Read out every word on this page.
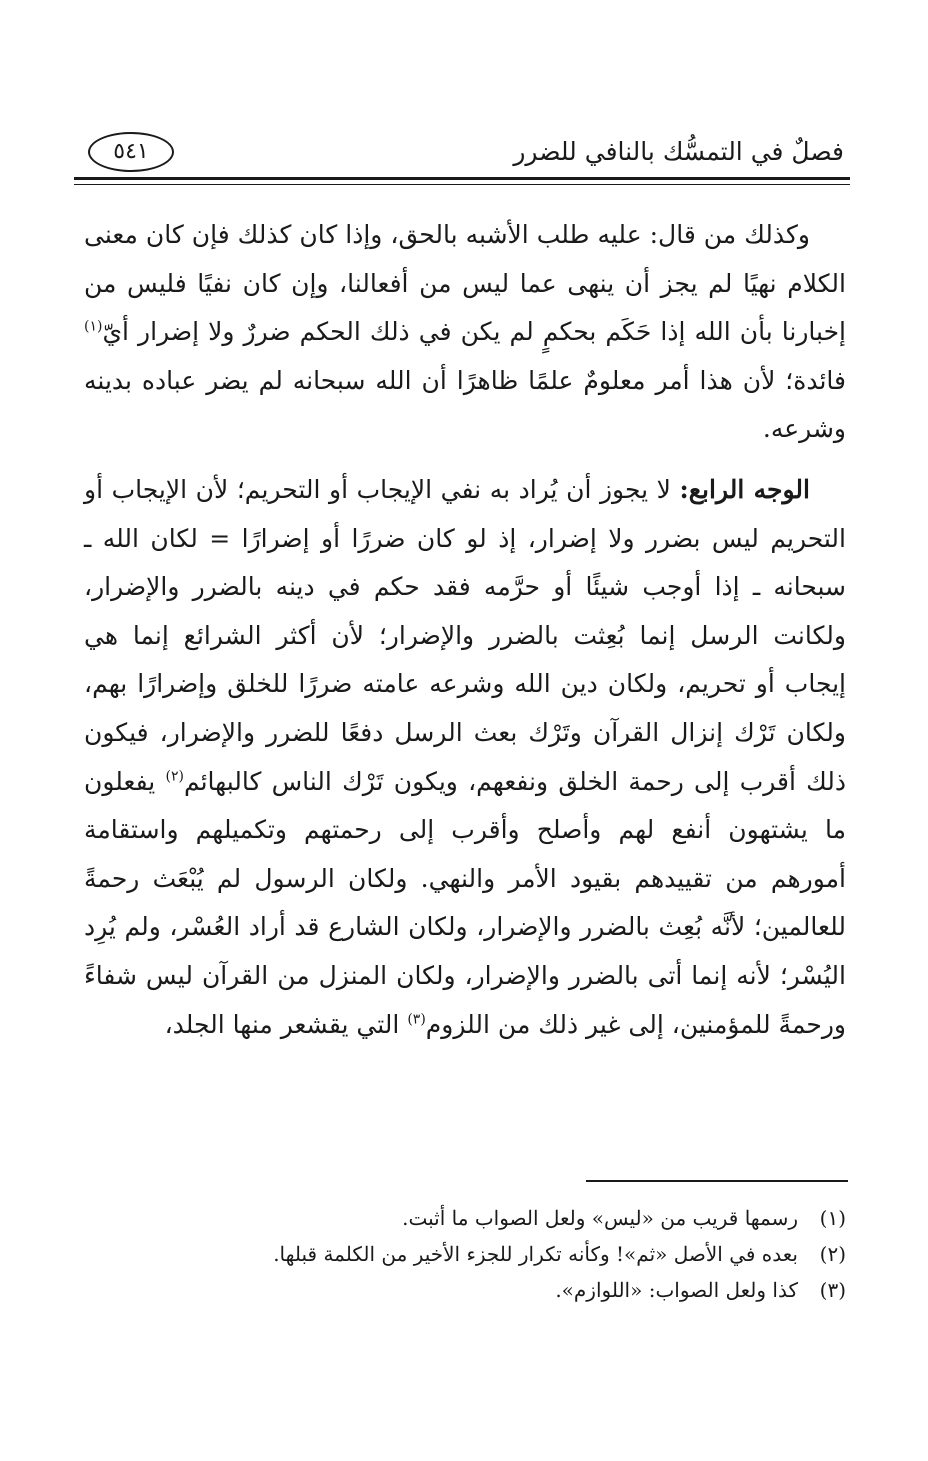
فصلٌ في التمسُّك بالنافي للضرر
٥٤١

وكذلك من قال: عليه طلب الأشبه بالحق، وإذا كان كذلك فإن كان معنى الكلام نهيًا لم يجز أن ينهى عما ليس من أفعالنا، وإن كان نفيًا فليس من إخبارنا بأن الله إذا حَكَم بحكمٍ لم يكن في ذلك الحكم ضررٌ ولا إضرار أيّ$^{(١)}$ فائدة؛ لأن هذا أمر معلومٌ علمًا ظاهرًا أن الله سبحانه لم يضر عباده بدينه وشرعه.

الوجه الرابع: لا يجوز أن يُراد به نفي الإيجاب أو التحريم؛ لأن الإيجاب أو التحريم ليس بضرر ولا إضرار، إذ لو كان ضررًا أو إضرارًا = لكان الله ـ سبحانه ـ إذا أوجب شيئًا أو حرَّمه فقد حكم في دينه بالضرر والإضرار، ولكانت الرسل إنما بُعِثت بالضرر والإضرار؛ لأن أكثر الشرائع إنما هي إيجاب أو تحريم، ولكان دين الله وشرعه عامته ضررًا للخلق وإضرارًا بهم، ولكان تَرْك إنزال القرآن وتَرْك بعث الرسل دفعًا للضرر والإضرار، فيكون ذلك أقرب إلى رحمة الخلق ونفعهم، ويكون تَرْك الناس كالبهائم$^{(٢)}$ يفعلون ما يشتهون أنفع لهم وأصلح وأقرب إلى رحمتهم وتكميلهم واستقامة أمورهم من تقييدهم بقيود الأمر والنهي. ولكان الرسول لم يُبْعَث رحمةً للعالمين؛ لأنَّه بُعِث بالضرر والإضرار، ولكان الشارع قد أراد العُسْر، ولم يُرِد اليُسْر؛ لأنه إنما أتى بالضرر والإضرار، ولكان المنزل من القرآن ليس شفاءً ورحمةً للمؤمنين، إلى غير ذلك من اللزوم$^{(٣)}$ التي يقشعر منها الجلد،

(١)رسمها قريب من «ليس» ولعل الصواب ما أثبت.
(٢)بعده في الأصل «ثم»! وكأنه تكرار للجزء الأخير من الكلمة قبلها.
(٣)كذا ولعل الصواب: «اللوازم».
